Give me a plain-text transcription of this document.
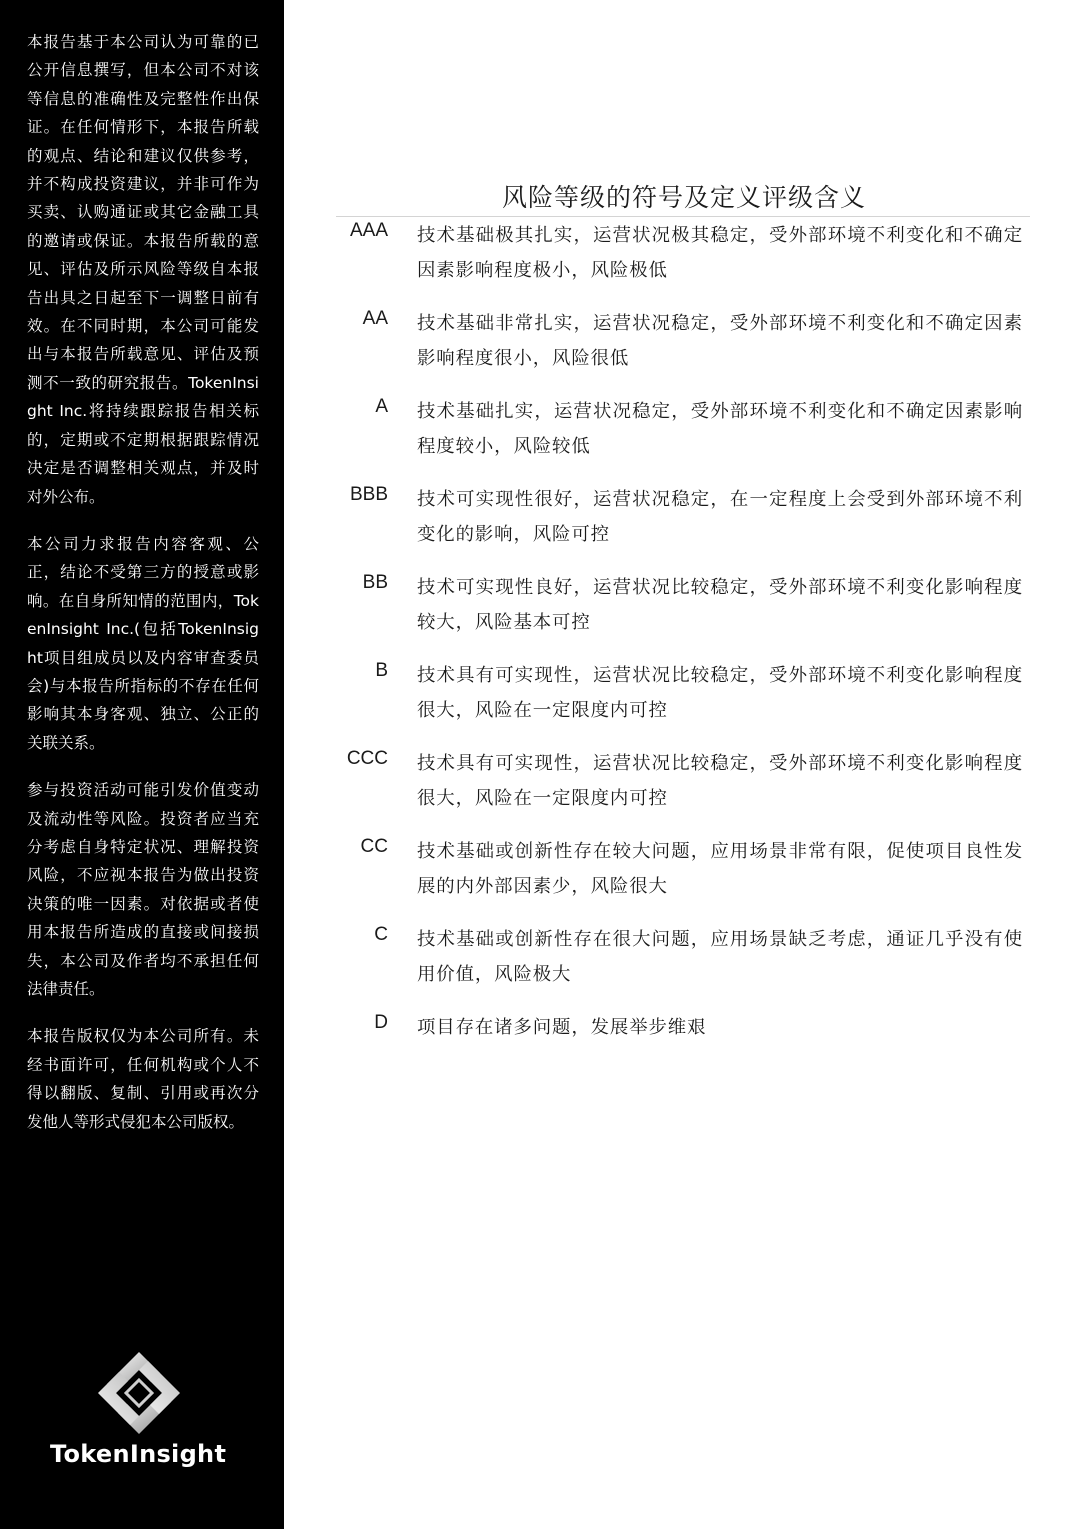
本报告基于本公司认为可靠的已公开信息撰写，但本公司不对该等信息的准确性及完整性作出保证。在任何情形下，本报告所载的观点、结论和建议仅供参考，并不构成投资建议，并非可作为买卖、认购通证或其它金融工具的邀请或保证。本报告所载的意见、评估及所示风险等级自本报告出具之日起至下一调整日前有效。在不同时期，本公司可能发出与本报告所载意见、评估及预测不一致的研究报告。TokenInsight Inc.将持续跟踪报告相关标的，定期或不定期根据跟踪情况决定是否调整相关观点，并及时对外公布。

本公司力求报告内容客观、公正，结论不受第三方的授意或影响。在自身所知情的范围内，TokenInsight Inc.(包括TokenInsight项目组成员以及内容审查委员会)与本报告所指标的不存在任何影响其本身客观、独立、公正的关联关系。

参与投资活动可能引发价值变动及流动性等风险。投资者应当充分考虑自身特定状况、理解投资风险，不应视本报告为做出投资决策的唯一因素。对依据或者使用本报告所造成的直接或间接损失，本公司及作者均不承担任何法律责任。

本报告版权仅为本公司所有。未经书面许可，任何机构或个人不得以翻版、复制、引用或再次分发他人等形式侵犯本公司版权。

TokenInsight
风险等级的符号及定义评级含义
AAA 技术基础极其扎实，运营状况极其稳定，受外部环境不利变化和不确定因素影响程度极小，风险极低
AA 技术基础非常扎实，运营状况稳定，受外部环境不利变化和不确定因素影响程度很小，风险很低
A 技术基础扎实，运营状况稳定，受外部环境不利变化和不确定因素影响程度较小，风险较低
BBB 技术可实现性很好，运营状况稳定，在一定程度上会受到外部环境不利变化的影响，风险可控
BB 技术可实现性良好，运营状况比较稳定，受外部环境不利变化影响程度较大，风险基本可控
B 技术具有可实现性，运营状况比较稳定，受外部环境不利变化影响程度很大，风险在一定限度内可控
CCC 技术具有可实现性，运营状况比较稳定，受外部环境不利变化影响程度很大，风险在一定限度内可控
CC 技术基础或创新性存在较大问题，应用场景非常有限，促使项目良性发展的内外部因素少，风险很大
C 技术基础或创新性存在很大问题，应用场景缺乏考虑，通证几乎没有使用价值，风险极大
D 项目存在诸多问题，发展举步维艰
